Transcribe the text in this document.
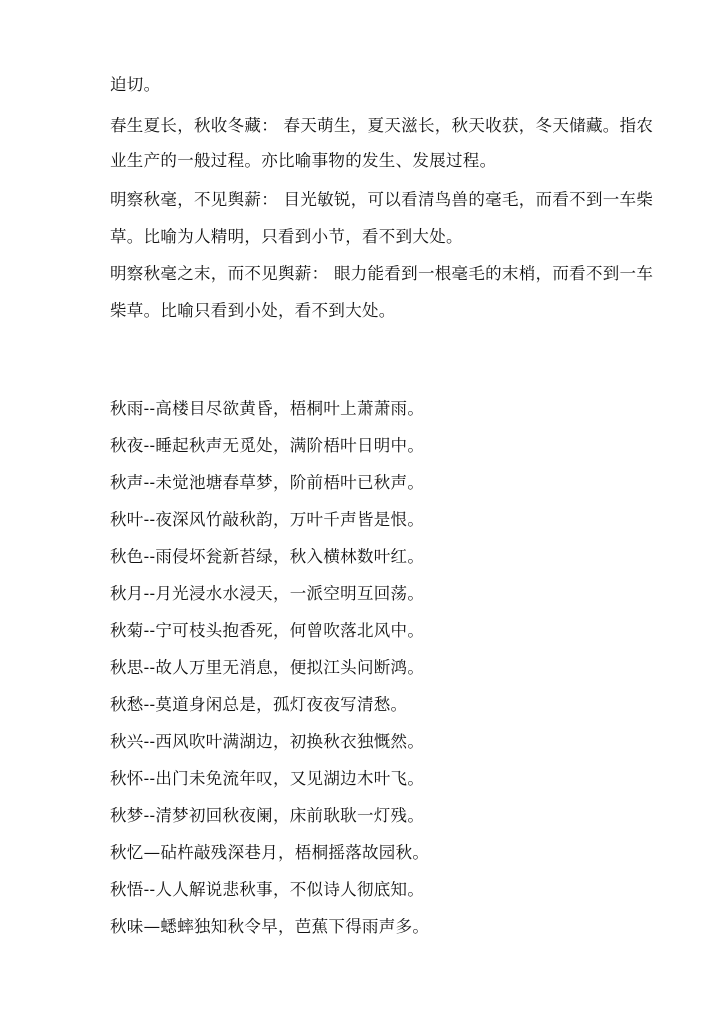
迫切。
春生夏长，秋收冬藏： 春天萌生，夏天滋长，秋天收获，冬天储藏。指农
业生产的一般过程。亦比喻事物的发生、发展过程。
明察秋毫，不见舆薪： 目光敏锐，可以看清鸟兽的毫毛，而看不到一车柴
草。比喻为人精明，只看到小节，看不到大处。
明察秋毫之末，而不见舆薪： 眼力能看到一根毫毛的末梢，而看不到一车
柴草。比喻只看到小处，看不到大处。
秋雨--高楼目尽欲黄昏，梧桐叶上萧萧雨。
秋夜--睡起秋声无觅处，满阶梧叶日明中。
秋声--未觉池塘春草梦，阶前梧叶已秋声。
秋叶--夜深风竹敲秋韵，万叶千声皆是恨。
秋色--雨侵坏瓮新苔绿，秋入横林数叶红。
秋月--月光浸水水浸天，一派空明互回荡。
秋菊--宁可枝头抱香死，何曾吹落北风中。
秋思--故人万里无消息，便拟江头问断鸿。
秋愁--莫道身闲总是，孤灯夜夜写清愁。
秋兴--西风吹叶满湖边，初换秋衣独慨然。
秋怀--出门未免流年叹，又见湖边木叶飞。
秋梦--清梦初回秋夜阑，床前耿耿一灯残。
秋忆—砧杵敲残深巷月，梧桐摇落故园秋。
秋悟--人人解说悲秋事，不似诗人彻底知。
秋味—蟋蟀独知秋令早，芭蕉下得雨声多。
